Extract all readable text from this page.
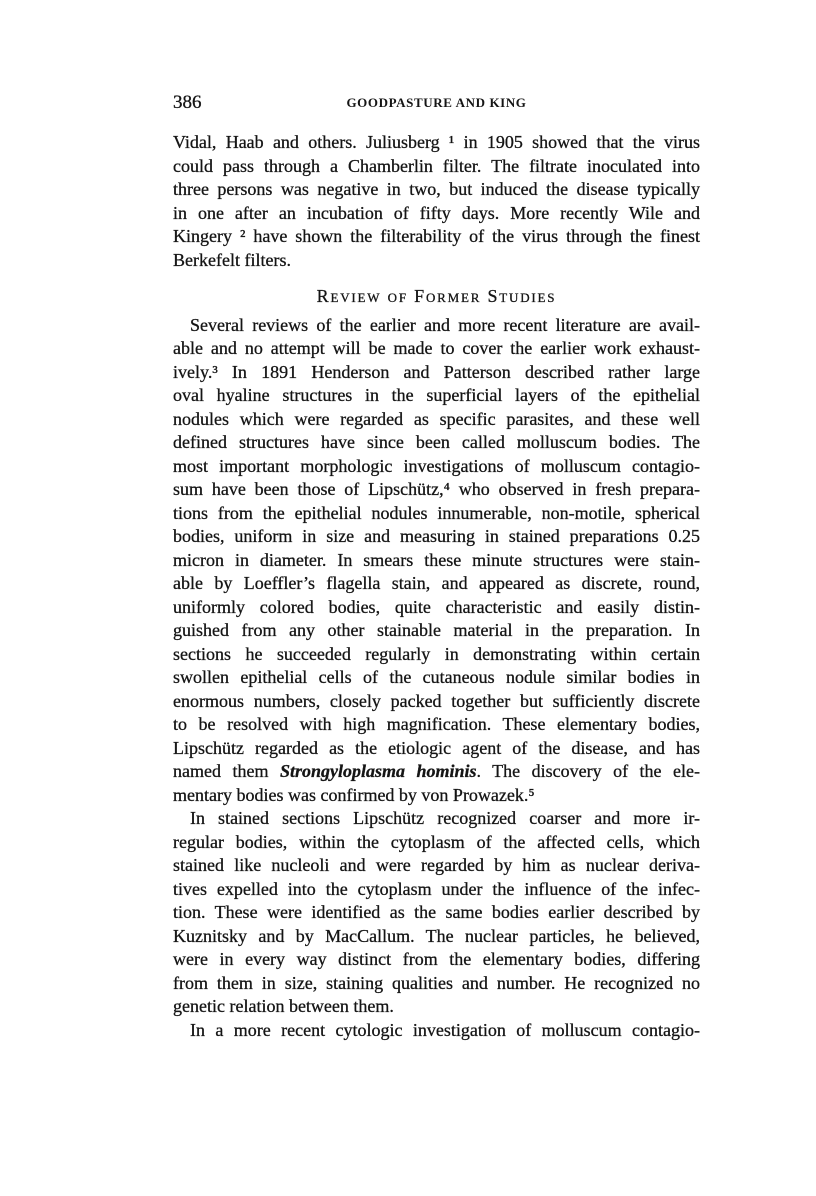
386	GOODPASTURE AND KING
Vidal, Haab and others. Juliusberg ¹ in 1905 showed that the virus
could pass through a Chamberlin filter. The filtrate inoculated into
three persons was negative in two, but induced the disease typically
in one after an incubation of fifty days. More recently Wile and
Kingery ² have shown the filterability of the virus through the finest
Berkefelt filters.
Review of Former Studies
Several reviews of the earlier and more recent literature are avail-
able and no attempt will be made to cover the earlier work exhaust-
ively.³ In 1891 Henderson and Patterson described rather large
oval hyaline structures in the superficial layers of the epithelial
nodules which were regarded as specific parasites, and these well
defined structures have since been called molluscum bodies. The
most important morphologic investigations of molluscum contagio-
sum have been those of Lipschütz,⁴ who observed in fresh prepara-
tions from the epithelial nodules innumerable, non-motile, spherical
bodies, uniform in size and measuring in stained preparations 0.25
micron in diameter. In smears these minute structures were stain-
able by Loeffler’s flagella stain, and appeared as discrete, round,
uniformly colored bodies, quite characteristic and easily distin-
guished from any other stainable material in the preparation. In
sections he succeeded regularly in demonstrating within certain
swollen epithelial cells of the cutaneous nodule similar bodies in
enormous numbers, closely packed together but sufficiently discrete
to be resolved with high magnification. These elementary bodies,
Lipschütz regarded as the etiologic agent of the disease, and has
named them Strongyloplasma hominis. The discovery of the ele-
mentary bodies was confirmed by von Prowazek.⁵
In stained sections Lipschütz recognized coarser and more ir-
regular bodies, within the cytoplasm of the affected cells, which
stained like nucleoli and were regarded by him as nuclear deriva-
tives expelled into the cytoplasm under the influence of the infec-
tion. These were identified as the same bodies earlier described by
Kuznitsky and by MacCallum. The nuclear particles, he believed,
were in every way distinct from the elementary bodies, differing
from them in size, staining qualities and number. He recognized no
genetic relation between them.
In a more recent cytologic investigation of molluscum contagio-
